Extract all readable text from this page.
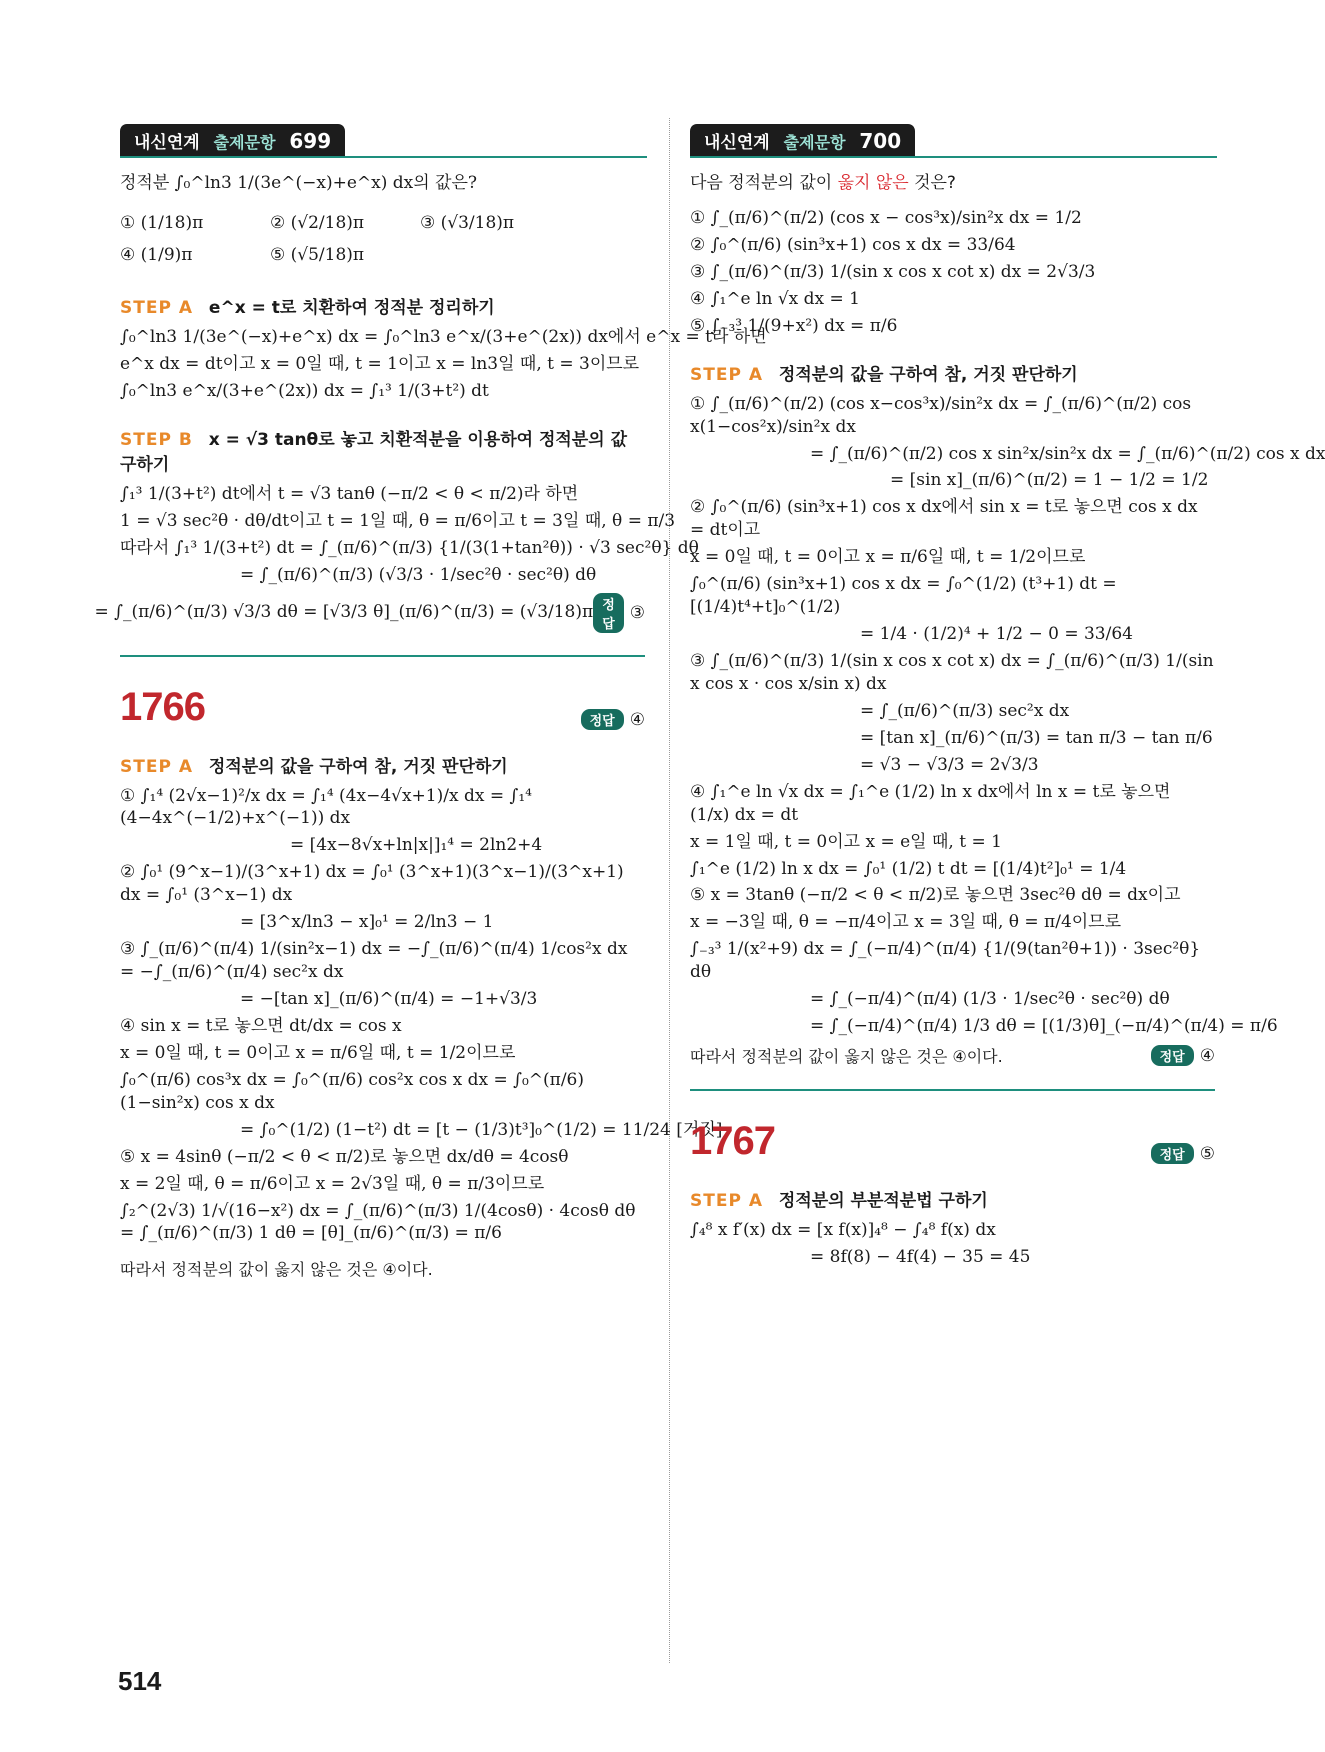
내신연계 출제문항 699
정적분 ∫₀^ln3 1/(3e^(−x)+e^x) dx의 값은?
① (1/18)π	② (√2/18)π	③ (√3/18)π
④ (1/9)π	⑤ (√5/18)π
STEP A e^x = t로 치환하여 정적분 정리하기
∫₀^ln3 1/(3e^(−x)+e^x) dx = ∫₀^ln3 e^x/(3+e^(2x)) dx에서 e^x = t라 하면
e^x dx = dt이고 x = 0일 때, t = 1이고 x = ln3일 때, t = 3이므로
∫₀^ln3 e^x/(3+e^(2x)) dx = ∫₁³ 1/(3+t²) dt
STEP B x = √3 tanθ로 놓고 치환적분을 이용하여 정적분의 값 구하기
∫₁³ 1/(3+t²) dt에서 t = √3 tanθ (−π/2 < θ < π/2)라 하면
1 = √3 sec²θ · dθ/dt이고 t = 1일 때, θ = π/6이고 t = 3일 때, θ = π/3
따라서 ∫₁³ 1/(3+t²) dt = ∫_(π/6)^(π/3) {1/(3(1+tan²θ)) · √3 sec²θ} dθ
= ∫_(π/6)^(π/3) (√3/3 · 1/sec²θ · sec²θ) dθ
= ∫_(π/6)^(π/3) √3/3 dθ = [√3/3 θ]_(π/6)^(π/3) = (√3/18)π 정답
③
1766	정답 ④
STEP A 정적분의 값을 구하여 참, 거짓 판단하기
① ∫₁⁴ (2√x−1)²/x dx = ∫₁⁴ (4x−4√x+1)/x dx = ∫₁⁴ (4−4x^(−1/2)+x^(−1)) dx
= [4x−8√x+ln|x|]₁⁴ = 2ln2+4
② ∫₀¹ (9^x−1)/(3^x+1) dx = ∫₀¹ (3^x+1)(3^x−1)/(3^x+1) dx = ∫₀¹ (3^x−1) dx
= [3^x/ln3 − x]₀¹ = 2/ln3 − 1
③ ∫_(π/6)^(π/4) 1/(sin²x−1) dx = −∫_(π/6)^(π/4) 1/cos²x dx = −∫_(π/6)^(π/4) sec²x dx
= −[tan x]_(π/6)^(π/4) = −1+√3/3
④ sin x = t로 놓으면 dt/dx = cos x
x = 0일 때, t = 0이고 x = π/6일 때, t = 1/2이므로
∫₀^(π/6) cos³x dx = ∫₀^(π/6) cos²x cos x dx = ∫₀^(π/6) (1−sin²x) cos x dx
= ∫₀^(1/2) (1−t²) dt = [t − (1/3)t³]₀^(1/2) = 11/24 [거짓]
⑤ x = 4sinθ (−π/2 < θ < π/2)로 놓으면 dx/dθ = 4cosθ
x = 2일 때, θ = π/6이고 x = 2√3일 때, θ = π/3이므로
∫₂^(2√3) 1/√(16−x²) dx = ∫_(π/6)^(π/3) 1/(4cosθ) · 4cosθ dθ = ∫_(π/6)^(π/3) 1 dθ = [θ]_(π/6)^(π/3) = π/6
따라서 정적분의 값이 옳지 않은 것은 ④이다.
내신연계 출제문항 700
다음 정적분의 값이 옳지 않은 것은?
① ∫_(π/6)^(π/2) (cos x − cos³x)/sin²x dx = 1/2
② ∫₀^(π/6) (sin³x+1) cos x dx = 33/64
③ ∫_(π/6)^(π/3) 1/(sin x cos x cot x) dx = 2√3/3
④ ∫₁^e ln √x dx = 1
⑤ ∫₋₃³ 1/(9+x²) dx = π/6
STEP A 정적분의 값을 구하여 참, 거짓 판단하기
① ∫_(π/6)^(π/2) (cos x−cos³x)/sin²x dx = ∫_(π/6)^(π/2) cos x(1−cos²x)/sin²x dx
= ∫_(π/6)^(π/2) cos x sin²x/sin²x dx = ∫_(π/6)^(π/2) cos x dx
= [sin x]_(π/6)^(π/2) = 1 − 1/2 = 1/2
② ∫₀^(π/6) (sin³x+1) cos x dx에서 sin x = t로 놓으면 cos x dx = dt이고
x = 0일 때, t = 0이고 x = π/6일 때, t = 1/2이므로
∫₀^(π/6) (sin³x+1) cos x dx = ∫₀^(1/2) (t³+1) dt = [(1/4)t⁴+t]₀^(1/2)
= 1/4 · (1/2)⁴ + 1/2 − 0 = 33/64
③ ∫_(π/6)^(π/3) 1/(sin x cos x cot x) dx = ∫_(π/6)^(π/3) 1/(sin x cos x · cos x/sin x) dx
= ∫_(π/6)^(π/3) sec²x dx
= [tan x]_(π/6)^(π/3) = tan π/3 − tan π/6
= √3 − √3/3 = 2√3/3
④ ∫₁^e ln √x dx = ∫₁^e (1/2) ln x dx에서 ln x = t로 놓으면 (1/x) dx = dt
x = 1일 때, t = 0이고 x = e일 때, t = 1
∫₁^e (1/2) ln x dx = ∫₀¹ (1/2) t dt = [(1/4)t²]₀¹ = 1/4
⑤ x = 3tanθ (−π/2 < θ < π/2)로 놓으면 3sec²θ dθ = dx이고
x = −3일 때, θ = −π/4이고 x = 3일 때, θ = π/4이므로
∫₋₃³ 1/(x²+9) dx = ∫_(−π/4)^(π/4) {1/(9(tan²θ+1)) · 3sec²θ} dθ
= ∫_(−π/4)^(π/4) (1/3 · 1/sec²θ · sec²θ) dθ
= ∫_(−π/4)^(π/4) 1/3 dθ = [(1/3)θ]_(−π/4)^(π/4) = π/6
따라서 정적분의 값이 옳지 않은 것은 ④이다.	정답 ④
1767	정답 ⑤
STEP A 정적분의 부분적분법 구하기
∫₄⁸ x f′(x) dx = [x f(x)]₄⁸ − ∫₄⁸ f(x) dx
= 8f(8) − 4f(4) − 35 = 45
514
